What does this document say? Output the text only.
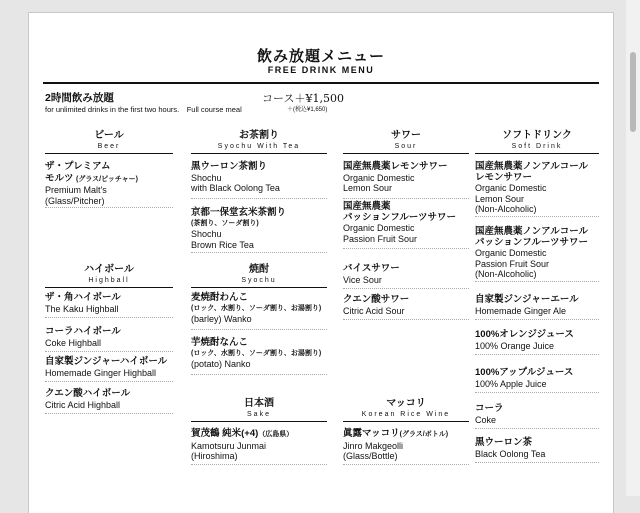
飲み放題メニュー
FREE DRINK MENU
2時間飲み放題	コース＋¥1,500
for unlimited drinks in the first two hours.　Full course meal	＋(税込¥1,650)
ビール
Beer
ザ・プレミアム
モルツ (グラス/ピッチャー)
Premium Malt's
(Glass/Pitcher)
ハイボール
Highball
ザ・角ハイボール
The Kaku Highball
コーラハイボール
Coke Highball
自家製ジンジャーハイボール
Homemade Ginger Highball
クエン酸ハイボール
Citric Acid Highball
お茶割り
Syochu With Tea
黒ウーロン茶割り
Shochu
with Black Oolong Tea
京都一保堂玄米茶割り
(茶割り、ソーダ割り)
Shochu
Brown Rice Tea
焼酎
Syochu
麦焼酎わんこ
(ロック、水割り、ソーダ割り、お湯割り)
(barley) Wanko
芋焼酎なんこ
(ロック、水割り、ソーダ割り、お湯割り)
(potato) Nanko
日本酒
Sake
賀茂鶴 純米(+4)（広島県）
Kamotsuru Junmai
(Hiroshima)
サワー
Sour
国産無農薬レモンサワー
Organic Domestic
Lemon Sour
国産無農薬
パッションフルーツサワー
Organic Domestic
Passion Fruit Sour
バイスサワー
Vice Sour
クエン酸サワー
Citric Acid Sour
マッコリ
Korean Rice Wine
眞露マッコリ(グラス/ボトル)
Jinro Makgeolli
(Glass/Bottle)
ソフトドリンク
Soft Drink
国産無農薬ノンアルコール
レモンサワー
Organic Domestic
Lemon Sour
(Non-Alcoholic)
国産無農薬ノンアルコール
パッションフルーツサワー
Organic Domestic
Passion Fruit Sour
(Non-Alcoholic)
自家製ジンジャーエール
Homemade Ginger Ale
100%オレンジジュース
100% Orange Juice
100%アップルジュース
100% Apple Juice
コーラ
Coke
黒ウーロン茶
Black Oolong Tea
